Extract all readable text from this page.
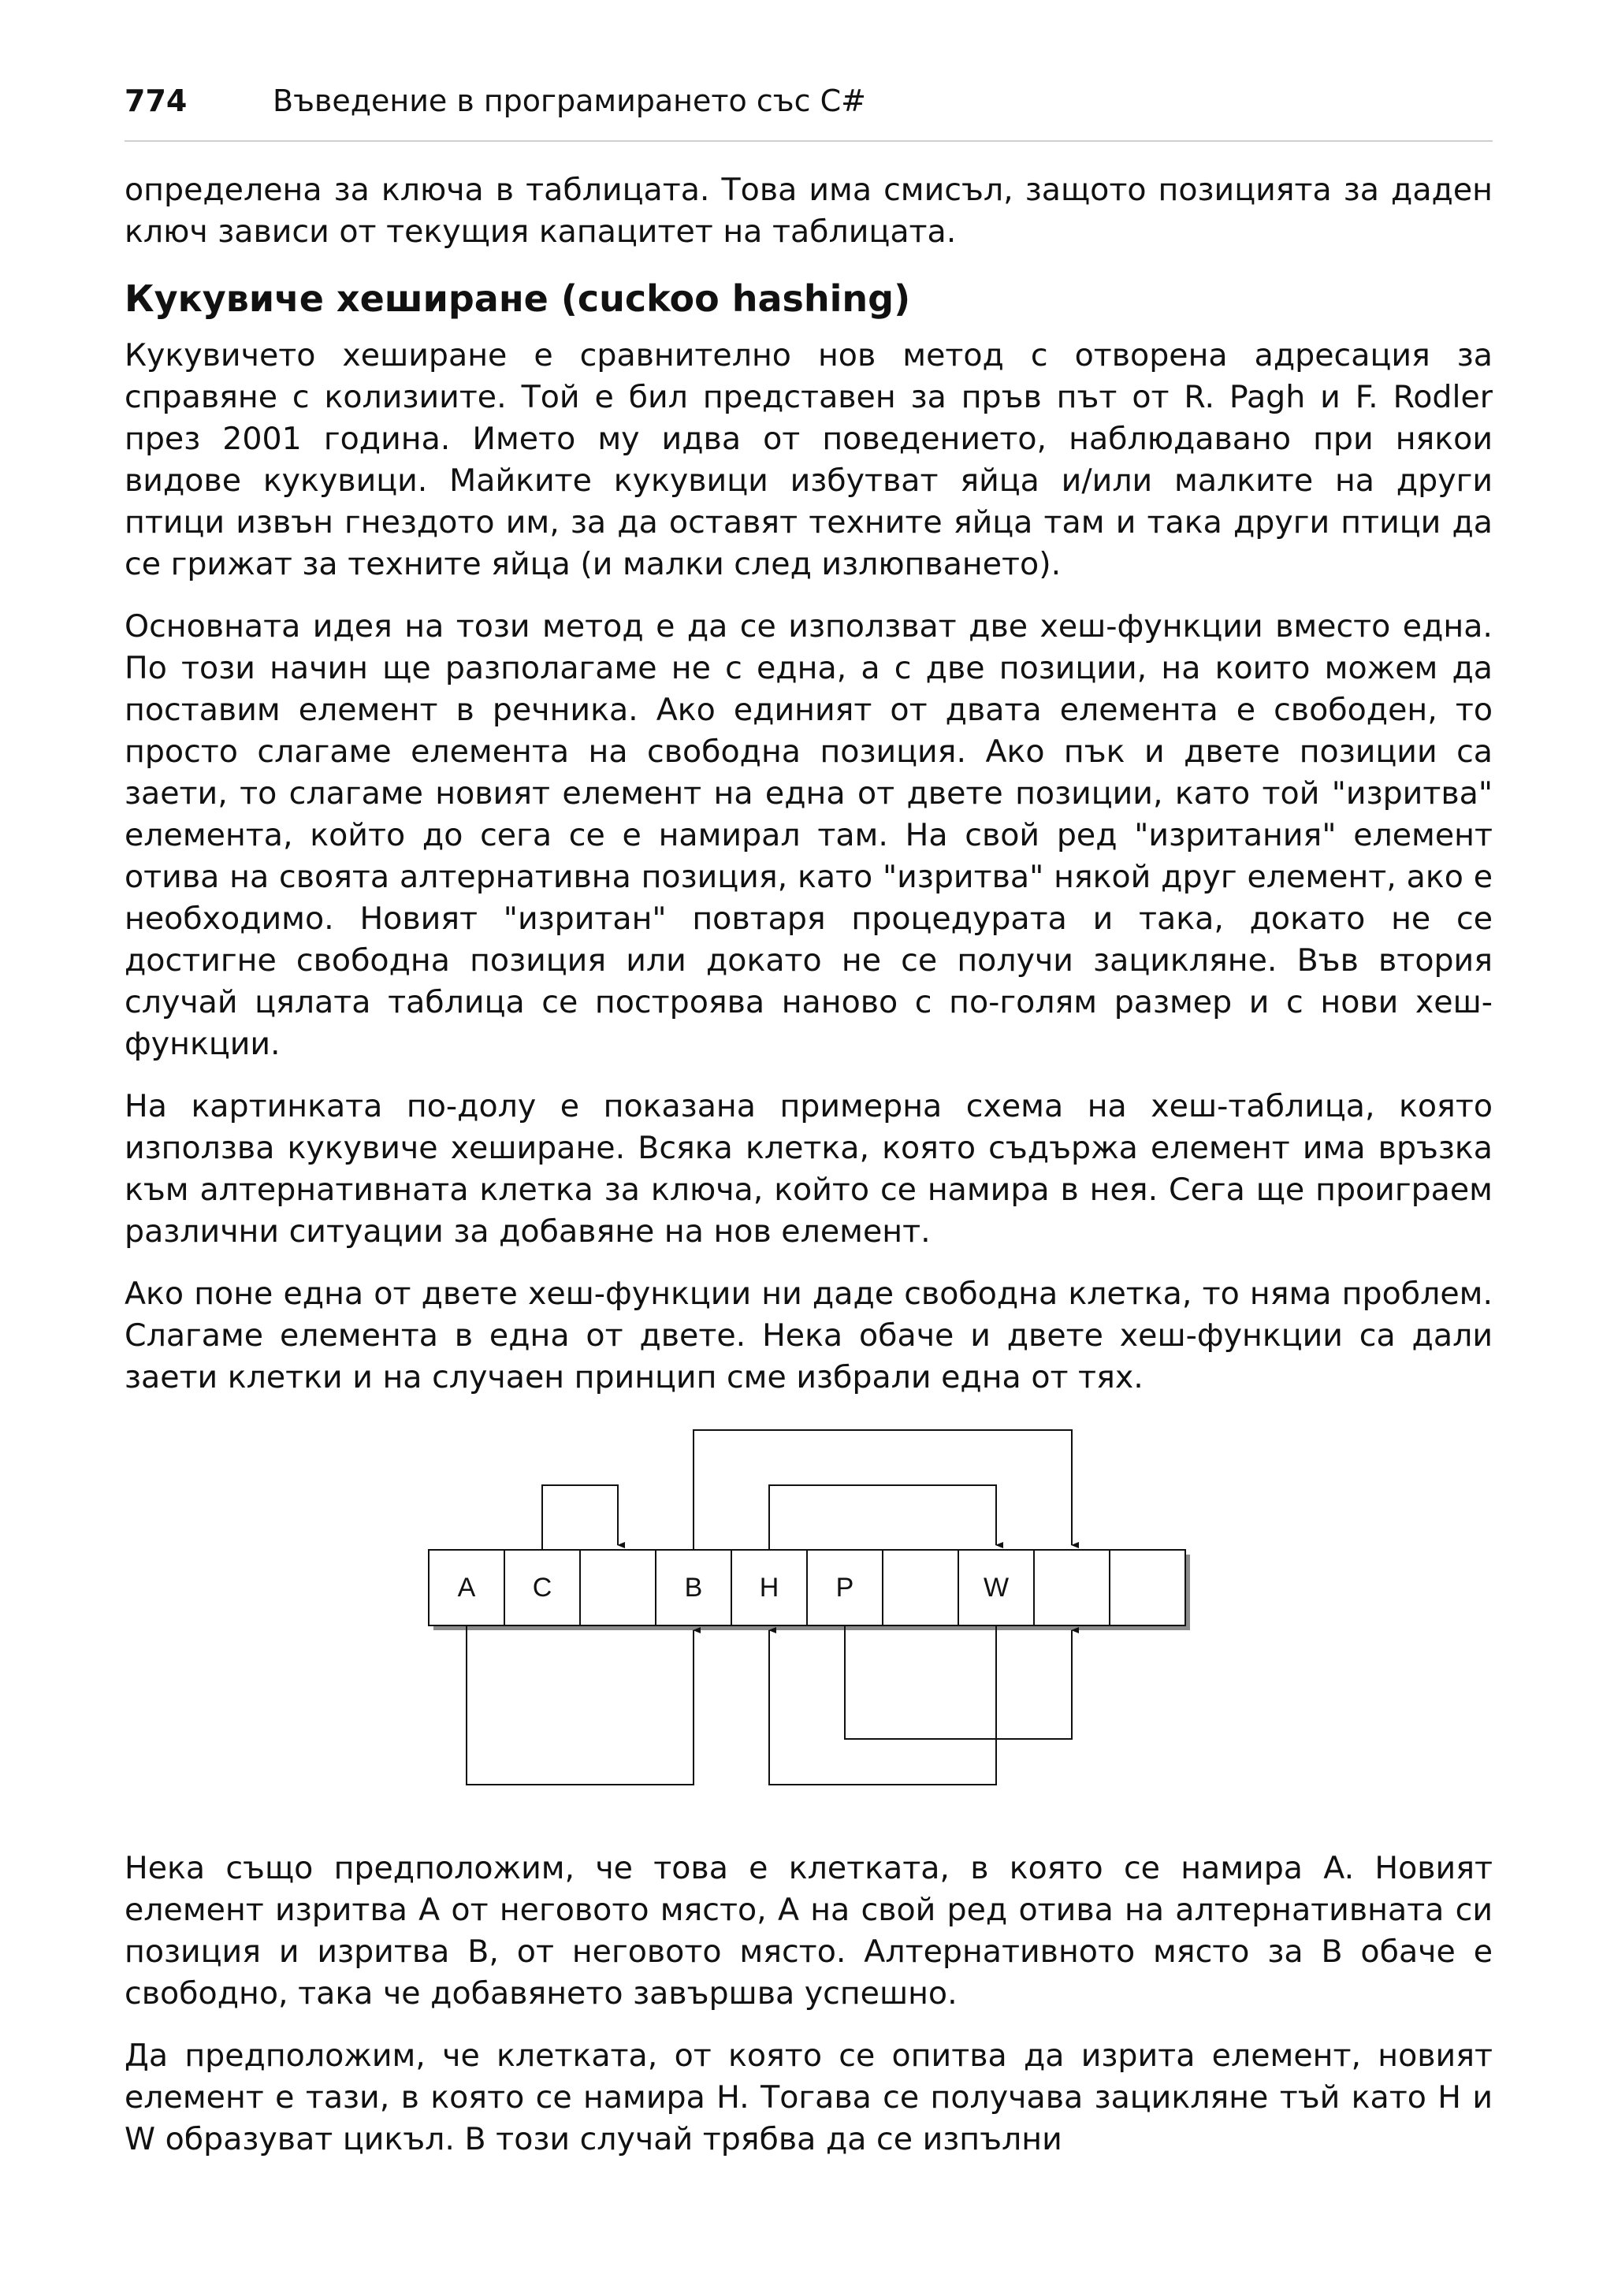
774	Въведение в програмирането със C#

определена за ключа в таблицата. Това има смисъл, защото позицията за даден ключ зависи от текущия капацитет на таблицата.

Кукувиче хеширане (cuckoo hashing)

Кукувичето хеширане е сравнително нов метод с отворена адресация за справяне с колизиите. Той е бил представен за пръв път от R. Pagh и F. Rodler през 2001 година. Името му идва от поведението, наблюдавано при някои видове кукувици. Майките кукувици избутват яйца и/или малките на други птици извън гнездото им, за да оставят техните яйца там и така други птици да се грижат за техните яйца (и малки след излюпването).

Основната идея на този метод е да се използват две хеш-функции вместо една. По този начин ще разполагаме не с една, а с две позиции, на които можем да поставим елемент в речника. Ако единият от двата елемента е свободен, то просто слагаме елемента на свободна позиция. Ако пък и двете позиции са заети, то слагаме новият елемент на една от двете позиции, като той "изритва" елемента, който до сега се е намирал там. На свой ред "изритания" елемент отива на своята алтернативна позиция, като "изритва" някой друг елемент, ако е необходимо. Новият "изритан" повтаря процедурата и така, докато не се достигне свободна позиция или докато не се получи зацикляне. Във втория случай цялата таблица се построява наново с по-голям размер и с нови хеш-функции.

На картинката по-долу е показана примерна схема на хеш-таблица, която използва кукувиче хеширане. Всяка клетка, която съдържа елемент има връзка към алтернативната клетка за ключа, който се намира в нея. Сега ще проиграем различни ситуации за добавяне на нов елемент.

Ако поне една от двете хеш-функции ни даде свободна клетка, то няма проблем. Слагаме елемента в една от двете. Нека обаче и двете хеш-функции са дали заети клетки и на случаен принцип сме избрали една от тях.

A	C	B	H	P	W

Нека също предположим, че това е клетката, в която се намира A. Новият елемент изритва A от неговото място, A на свой ред отива на алтернативната си позиция и изритва B, от неговото място. Алтернативното място за B обаче е свободно, така че добавянето завършва успешно.

Да предположим, че клетката, от която се опитва да изрита елемент, новият елемент е тази, в която се намира H. Тогава се получава зацикляне тъй като H и W образуват цикъл. В този случай трябва да се изпълни
